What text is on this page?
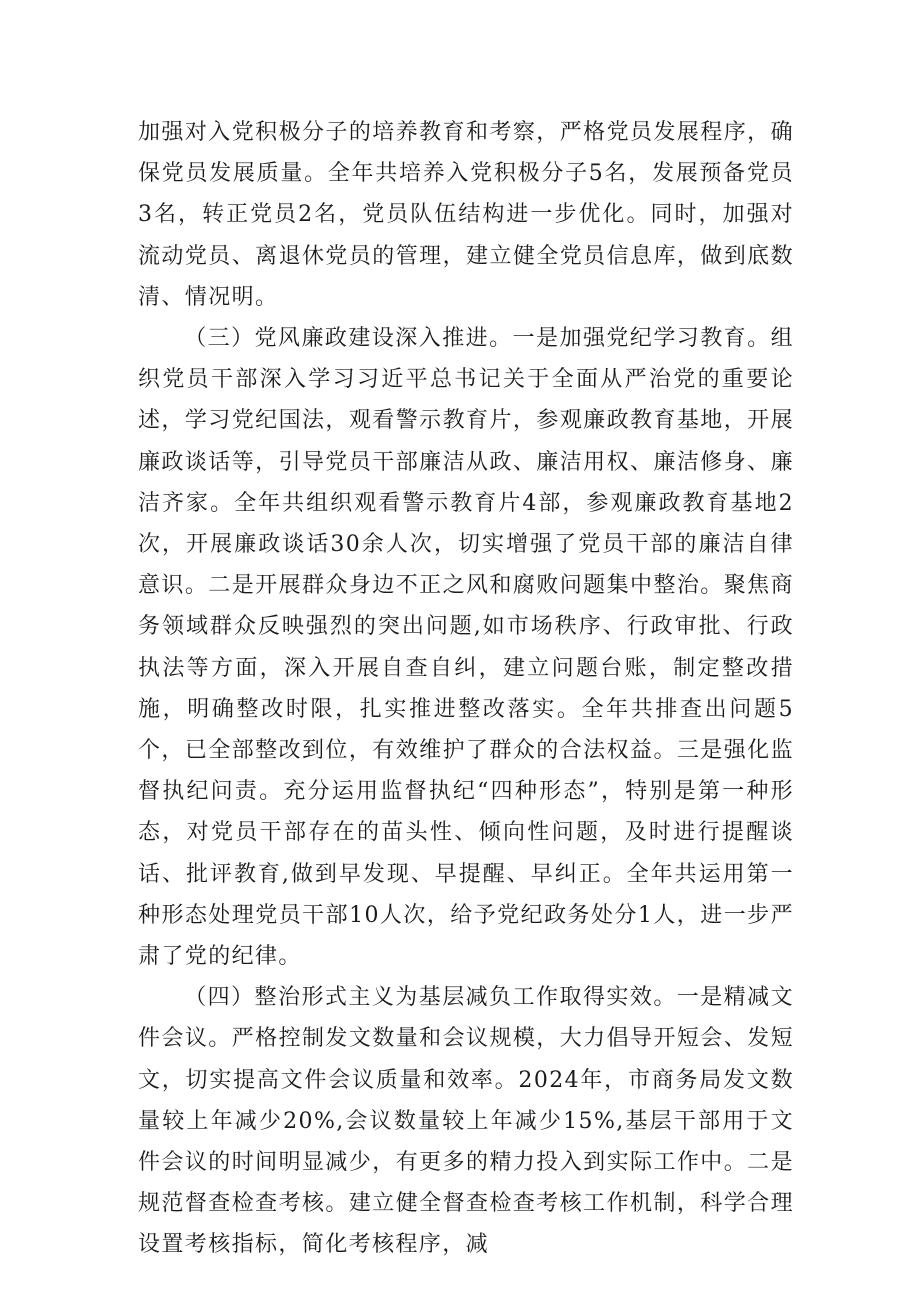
加强对入党积极分子的培养教育和考察，严格党员发展程序，确保党员发展质量。全年共培养入党积极分子5名，发展预备党员3名，转正党员2名，党员队伍结构进一步优化。同时，加强对流动党员、离退休党员的管理，建立健全党员信息库，做到底数清、情况明。

（三）党风廉政建设深入推进。一是加强党纪学习教育。组织党员干部深入学习习近平总书记关于全面从严治党的重要论述，学习党纪国法，观看警示教育片，参观廉政教育基地，开展廉政谈话等，引导党员干部廉洁从政、廉洁用权、廉洁修身、廉洁齐家。全年共组织观看警示教育片4部，参观廉政教育基地2次，开展廉政谈话30余人次，切实增强了党员干部的廉洁自律意识。二是开展群众身边不正之风和腐败问题集中整治。聚焦商务领域群众反映强烈的突出问题,如市场秩序、行政审批、行政执法等方面，深入开展自查自纠，建立问题台账，制定整改措施，明确整改时限，扎实推进整改落实。全年共排查出问题5个，已全部整改到位，有效维护了群众的合法权益。三是强化监督执纪问责。充分运用监督执纪“四种形态”，特别是第一种形态，对党员干部存在的苗头性、倾向性问题，及时进行提醒谈话、批评教育,做到早发现、早提醒、早纠正。全年共运用第一种形态处理党员干部10人次，给予党纪政务处分1人，进一步严肃了党的纪律。

（四）整治形式主义为基层减负工作取得实效。一是精减文件会议。严格控制发文数量和会议规模，大力倡导开短会、发短文，切实提高文件会议质量和效率。2024年，市商务局发文数量较上年减少20%,会议数量较上年减少15%,基层干部用于文件会议的时间明显减少，有更多的精力投入到实际工作中。二是规范督查检查考核。建立健全督查检查考核工作机制，科学合理设置考核指标，简化考核程序，减
